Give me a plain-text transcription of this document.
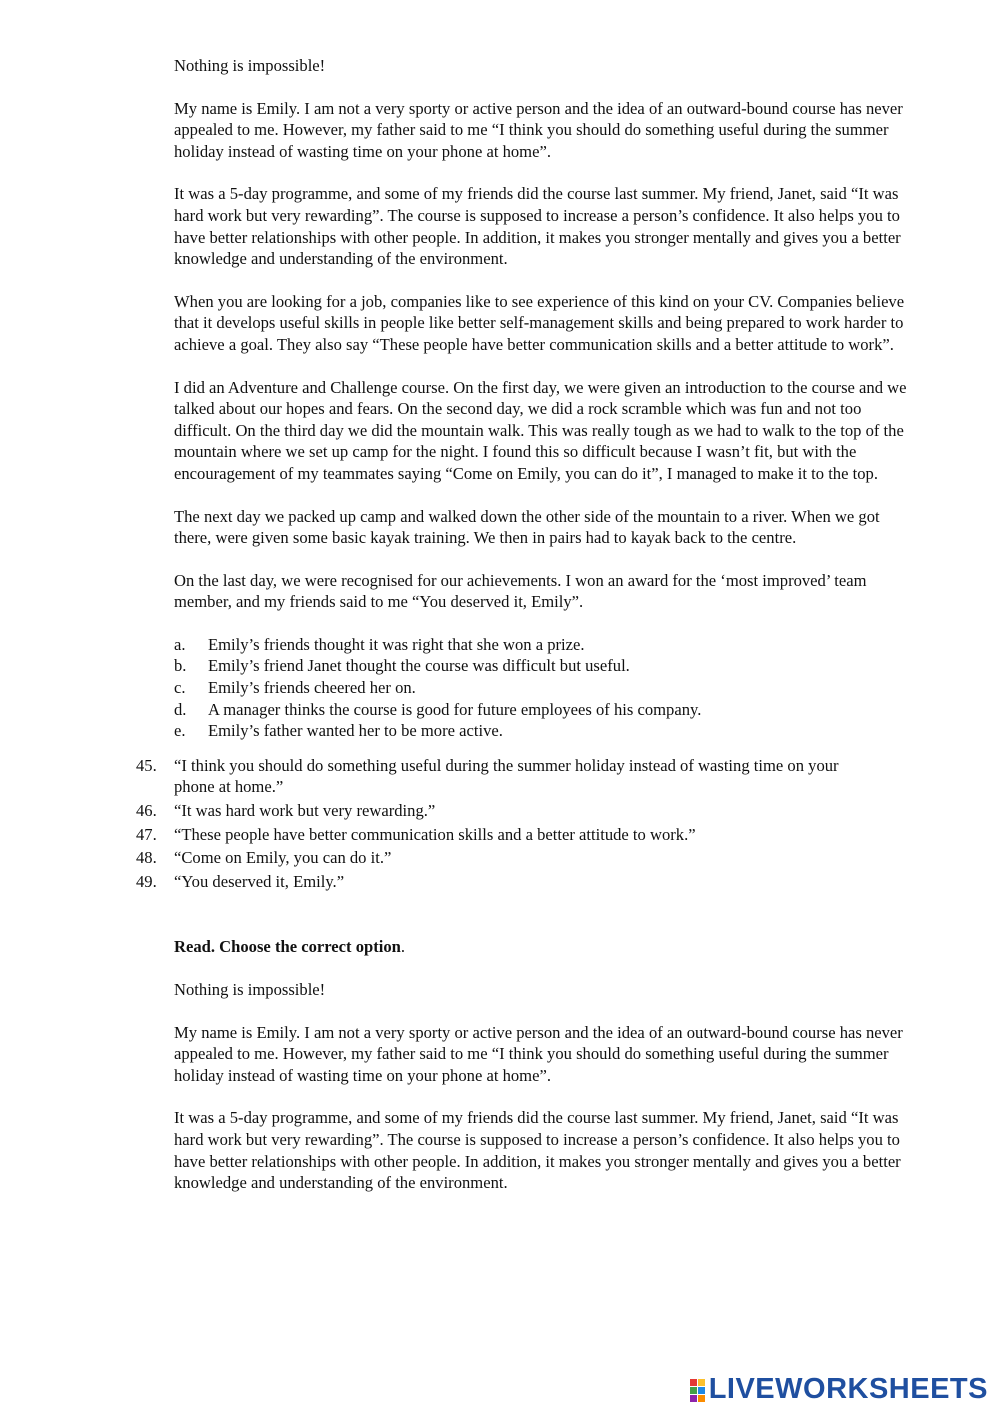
Nothing is impossible!

My name is Emily. I am not a very sporty or active person and the idea of an outward-bound course has never appealed to me. However, my father said to me “I think you should do something useful during the summer holiday instead of wasting time on your phone at home”.

It was a 5-day programme, and some of my friends did the course last summer. My friend, Janet, said “It was hard work but very rewarding”. The course is supposed to increase a person’s confidence. It also helps you to have better relationships with other people. In addition, it makes you stronger mentally and gives you a better knowledge and understanding of the environment.

When you are looking for a job, companies like to see experience of this kind on your CV. Companies believe that it develops useful skills in people like better self-management skills and being prepared to work harder to achieve a goal. They also say “These people have better communication skills and a better attitude to work”.

I did an Adventure and Challenge course. On the first day, we were given an introduction to the course and we talked about our hopes and fears. On the second day, we did a rock scramble which was fun and not too difficult. On the third day we did the mountain walk. This was really tough as we had to walk to the top of the mountain where we set up camp for the night. I found this so difficult because I wasn’t fit, but with the encouragement of my teammates saying “Come on Emily, you can do it”, I managed to make it to the top.

The next day we packed up camp and walked down the other side of the mountain to a river. When we got there, were given some basic kayak training. We then in pairs had to kayak back to the centre.

On the last day, we were recognised for our achievements. I won an award for the ‘most improved’ team member, and my friends said to me “You deserved it, Emily”.

a. Emily’s friends thought it was right that she won a prize.
b. Emily’s friend Janet thought the course was difficult but useful.
c. Emily’s friends cheered her on.
d. A manager thinks the course is good for future employees of his company.
e. Emily’s father wanted her to be more active.
45. “I think you should do something useful during the summer holiday instead of wasting time on your phone at home.”
46. “It was hard work but very rewarding.”
47. “These people have better communication skills and a better attitude to work.”
48. “Come on Emily, you can do it.”
49. “You deserved it, Emily.”

Read. Choose the correct option.

Nothing is impossible!

My name is Emily. I am not a very sporty or active person and the idea of an outward-bound course has never appealed to me. However, my father said to me “I think you should do something useful during the summer holiday instead of wasting time on your phone at home”.

It was a 5-day programme, and some of my friends did the course last summer. My friend, Janet, said “It was hard work but very rewarding”. The course is supposed to increase a person’s confidence. It also helps you to have better relationships with other people. In addition, it makes you stronger mentally and gives you a better knowledge and understanding of the environment.

LIVEWORKSHEETS
